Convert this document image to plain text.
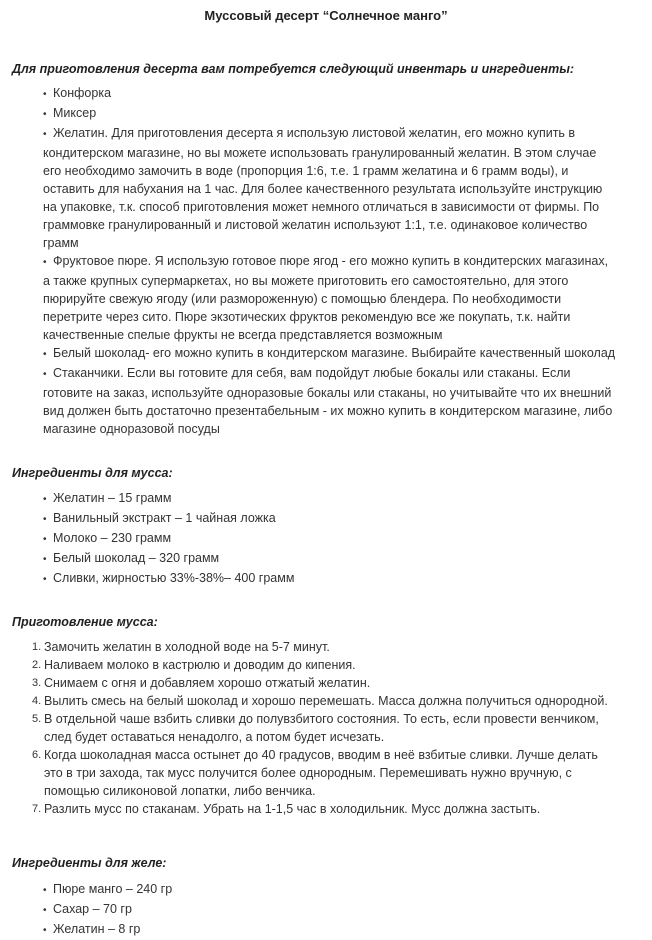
Муссовый десерт “Солнечное манго”
Для приготовления десерта вам потребуется следующий инвентарь и ингредиенты:
• Конфорка
• Миксер
• Желатин. Для приготовления десерта я использую листовой желатин, его можно купить в
кондитерском магазине, но вы можете использовать гранулированный желатин. В этом случае
его необходимо замочить в воде (пропорция 1:6, т.е. 1 грамм желатина и 6 грамм воды), и
оставить для набухания на 1 час. Для более качественного результата используйте инструкцию
на упаковке, т.к. способ приготовления может немного отличаться в зависимости от фирмы. По
граммовке гранулированный и листовой желатин используют 1:1, т.е. одинаковое количество
грамм
• Фруктовое пюре. Я использую готовое пюре ягод - его можно купить в кондитерских магазинах,
а также крупных супермаркетах, но вы можете приготовить его самостоятельно, для этого
пюрируйте свежую ягоду (или размороженную) с помощью блендера. По необходимости
перетрите через сито. Пюре экзотических фруктов рекомендую все же покупать, т.к. найти
качественные спелые фрукты не всегда представляется возможным
• Белый шоколад- его можно купить в кондитерском магазине. Выбирайте качественный шоколад
• Стаканчики. Если вы готовите для себя, вам подойдут любые бокалы или стаканы. Если
готовите на заказ, используйте одноразовые бокалы или стаканы, но учитывайте что их внешний
вид должен быть достаточно презентабельным - их можно купить в кондитерском магазине, либо
магазине одноразовой посуды
Ингредиенты для мусса:
• Желатин – 15 грамм
• Ванильный экстракт – 1 чайная ложка
• Молоко – 230 грамм
• Белый шоколад – 320 грамм
• Сливки, жирностью 33%-38%– 400 грамм
Приготовление мусса:
1. Замочить желатин в холодной воде на 5-7 минут.
2. Наливаем молоко в кастрюлю и доводим до кипения.
3. Снимаем с огня и добавляем хорошо отжатый желатин.
4. Вылить смесь на белый шоколад и хорошо перемешать. Масса должна получиться однородной.
5. В отдельной чаше взбить сливки до полувзбитого состояния. То есть, если провести венчиком,
след будет оставаться ненадолго, а потом будет исчезать.
6. Когда шоколадная масса остынет до 40 градусов, вводим в неё взбитые сливки. Лучше делать
это в три захода, так мусс получится более однородным. Перемешивать нужно вручную, с
помощью силиконовой лопатки, либо венчика.
7. Разлить мусс по стаканам. Убрать на 1-1,5 час в холодильник. Мусс должна застыть.
Ингредиенты для желе:
• Пюре манго – 240 гр
• Сахар – 70 гр
• Желатин – 8 гр
